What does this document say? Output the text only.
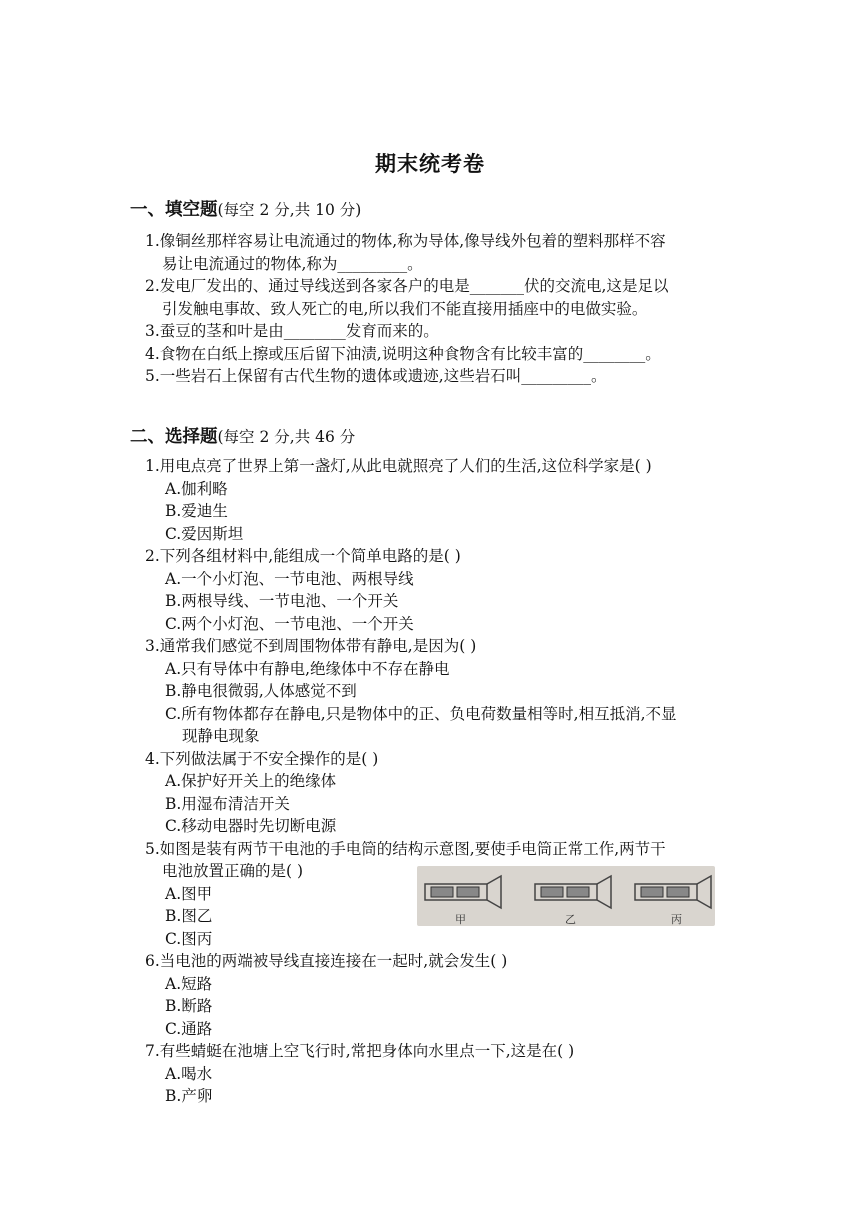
期末统考卷
一、填空题(每空 2 分,共 10 分)
1.像铜丝那样容易让电流通过的物体,称为导体,像导线外包着的塑料那样不容
易让电流通过的物体,称为_________。
2.发电厂发出的、通过导线送到各家各户的电是_______伏的交流电,这是足以
引发触电事故、致人死亡的电,所以我们不能直接用插座中的电做实验。
3.蚕豆的茎和叶是由________发育而来的。
4.食物在白纸上擦或压后留下油渍,说明这种食物含有比较丰富的________。
5.一些岩石上保留有古代生物的遗体或遗迹,这些岩石叫_________。
二、选择题(每空 2 分,共 46 分
1.用电点亮了世界上第一盏灯,从此电就照亮了人们的生活,这位科学家是( )
A.伽利略
B.爱迪生
C.爱因斯坦
2.下列各组材料中,能组成一个简单电路的是( )
A.一个小灯泡、一节电池、两根导线
B.两根导线、一节电池、一个开关
C.两个小灯泡、一节电池、一个开关
3.通常我们感觉不到周围物体带有静电,是因为( )
A.只有导体中有静电,绝缘体中不存在静电
B.静电很微弱,人体感觉不到
C.所有物体都存在静电,只是物体中的正、负电荷数量相等时,相互抵消,不显
现静电现象
4.下列做法属于不安全操作的是( )
A.保护好开关上的绝缘体
B.用湿布清洁开关
C.移动电器时先切断电源
5.如图是装有两节干电池的手电筒的结构示意图,要使手电筒正常工作,两节干
电池放置正确的是( )
A.图甲
B.图乙
C.图丙
6.当电池的两端被导线直接连接在一起时,就会发生( )
A.短路
B.断路
C.通路
7.有些蜻蜓在池塘上空飞行时,常把身体向水里点一下,这是在( )
A.喝水
B.产卵
甲	乙	丙
